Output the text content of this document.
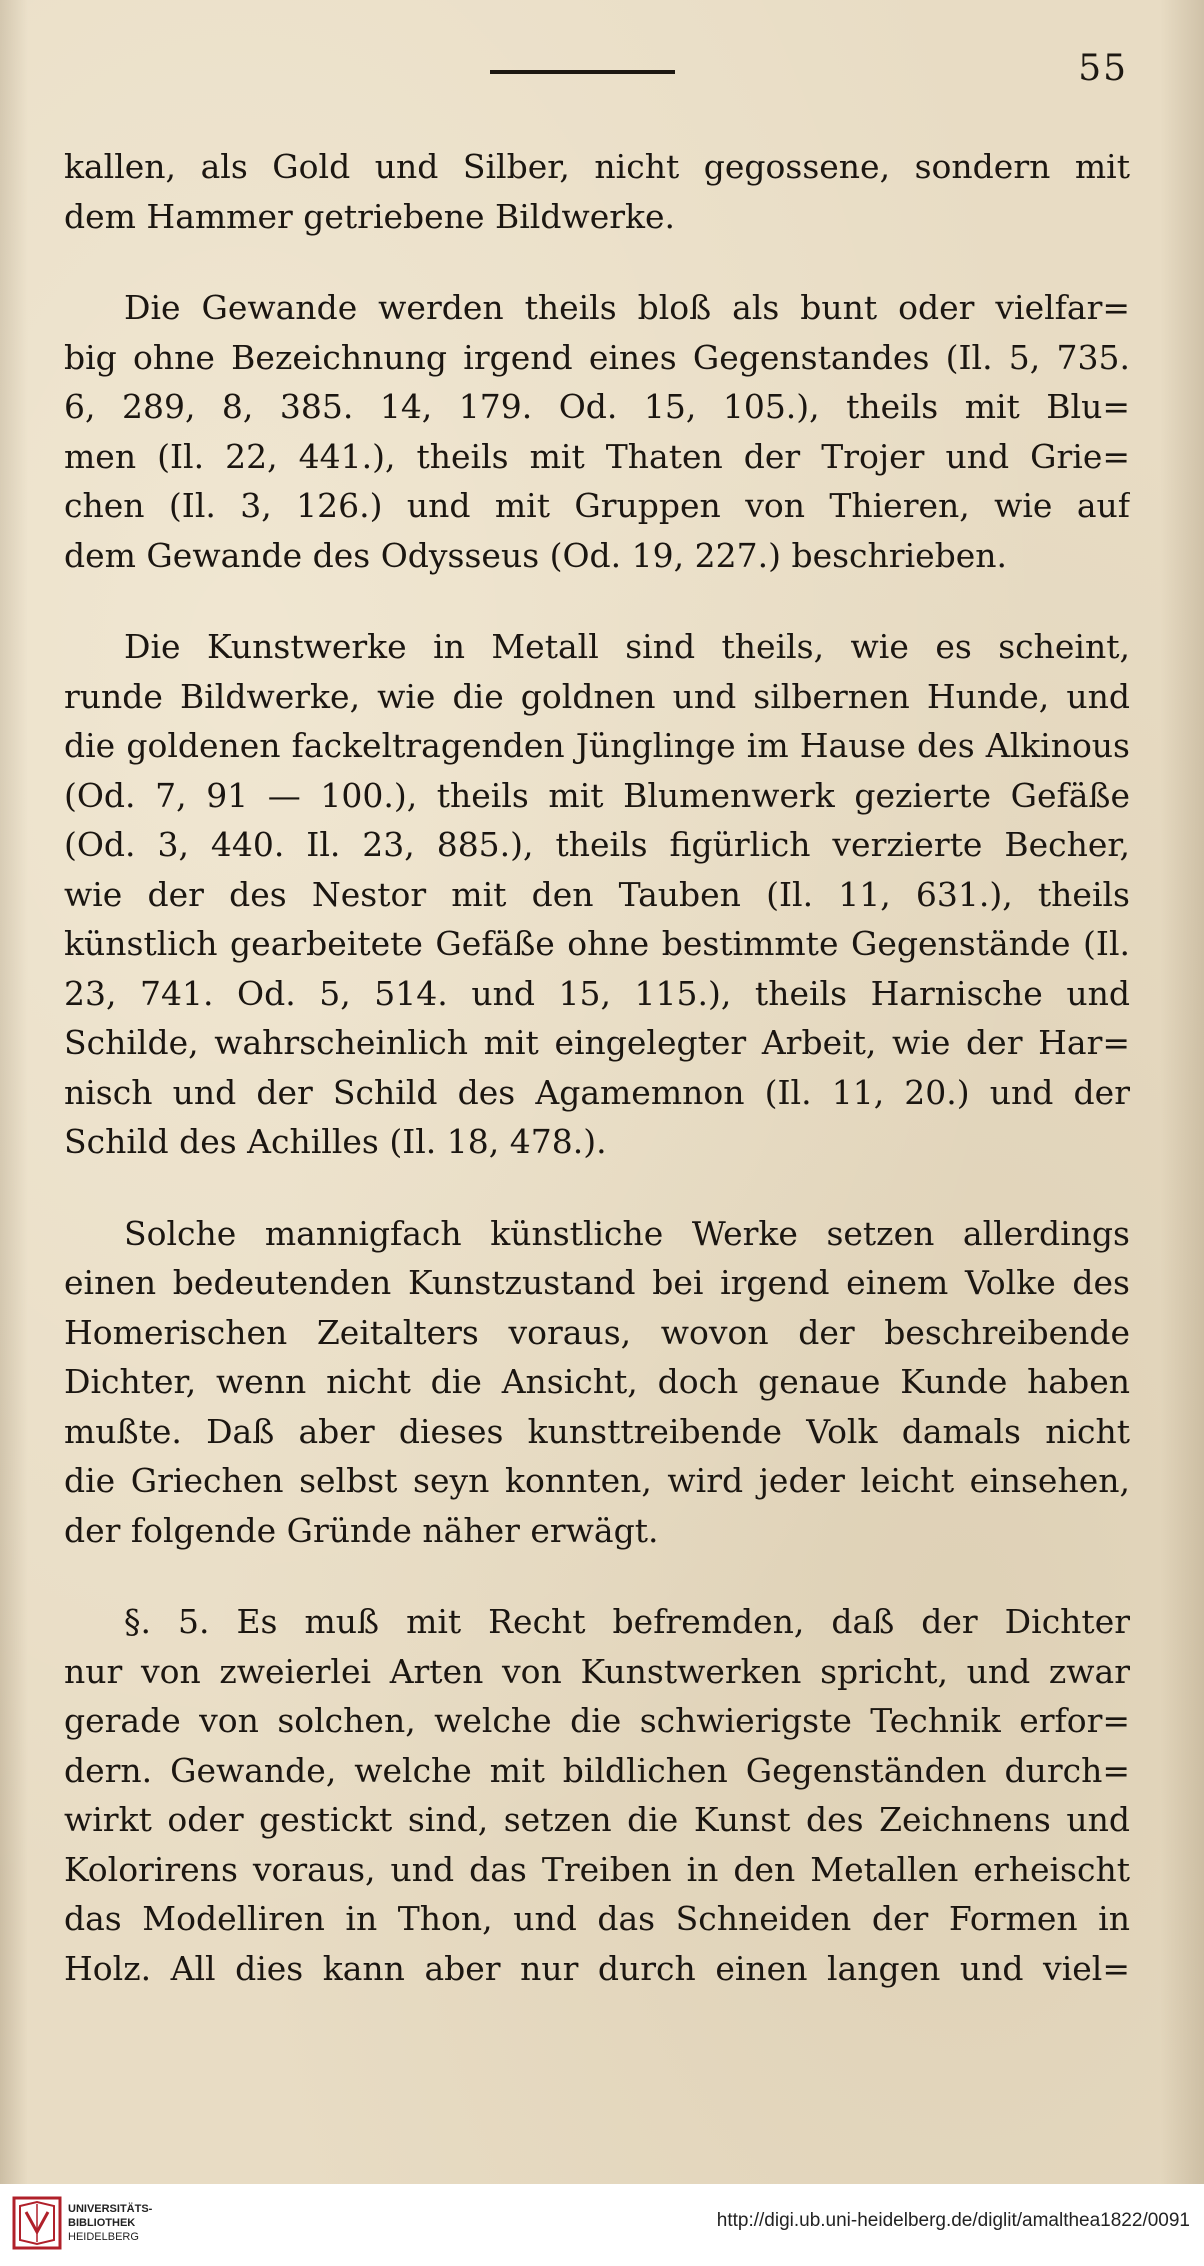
55

kallen, als Gold und Silber, nicht gegossene, sondern mit
dem Hammer getriebene Bildwerke.

Die Gewande werden theils bloß als bunt oder vielfar=
big ohne Bezeichnung irgend eines Gegenstandes (Il. 5, 735.
6, 289, 8, 385. 14, 179. Od. 15, 105.), theils mit Blu=
men (Il. 22, 441.), theils mit Thaten der Trojer und Grie=
chen (Il. 3, 126.) und mit Gruppen von Thieren, wie auf
dem Gewande des Odysseus (Od. 19, 227.) beschrieben.

Die Kunstwerke in Metall sind theils, wie es scheint,
runde Bildwerke, wie die goldnen und silbernen Hunde, und
die goldenen fackeltragenden Jünglinge im Hause des Alkinous
(Od. 7, 91 — 100.), theils mit Blumenwerk gezierte Gefäße
(Od. 3, 440. Il. 23, 885.), theils figürlich verzierte Becher,
wie der des Nestor mit den Tauben (Il. 11, 631.), theils
künstlich gearbeitete Gefäße ohne bestimmte Gegenstände (Il.
23, 741. Od. 5, 514. und 15, 115.), theils Harnische und
Schilde, wahrscheinlich mit eingelegter Arbeit, wie der Har=
nisch und der Schild des Agamemnon (Il. 11, 20.) und der
Schild des Achilles (Il. 18, 478.).

Solche mannigfach künstliche Werke setzen allerdings
einen bedeutenden Kunstzustand bei irgend einem Volke des
Homerischen Zeitalters voraus, wovon der beschreibende
Dichter, wenn nicht die Ansicht, doch genaue Kunde haben
mußte. Daß aber dieses kunsttreibende Volk damals nicht
die Griechen selbst seyn konnten, wird jeder leicht einsehen,
der folgende Gründe näher erwägt.

§. 5. Es muß mit Recht befremden, daß der Dichter
nur von zweierlei Arten von Kunstwerken spricht, und zwar
gerade von solchen, welche die schwierigste Technik erfor=
dern. Gewande, welche mit bildlichen Gegenständen durch=
wirkt oder gestickt sind, setzen die Kunst des Zeichnens und
Kolorirens voraus, und das Treiben in den Metallen erheischt
das Modelliren in Thon, und das Schneiden der Formen in
Holz. All dies kann aber nur durch einen langen und viel=

UNIVERSITÄTS-
BIBLIOTHEK
HEIDELBERG
http://digi.ub.uni-heidelberg.de/diglit/amalthea1822/0091
